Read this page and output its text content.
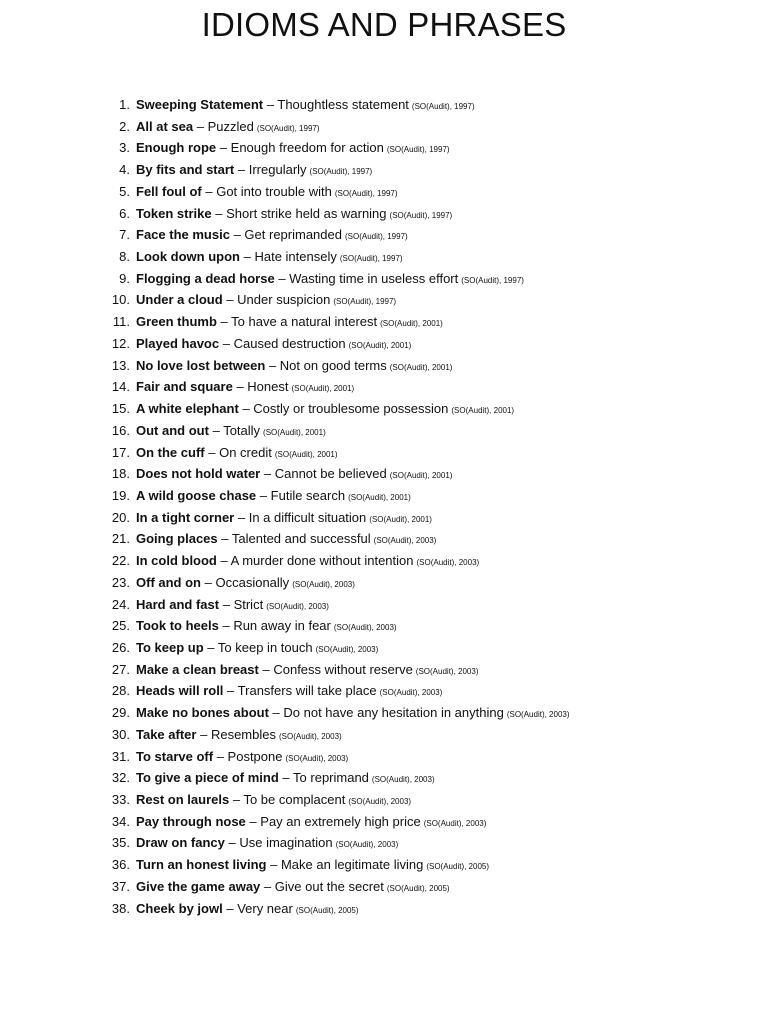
IDIOMS AND PHRASES
1. Sweeping Statement – Thoughtless statement (SO(Audit), 1997)
2. All at sea – Puzzled (SO(Audit), 1997)
3. Enough rope – Enough freedom for action (SO(Audit), 1997)
4. By fits and start – Irregularly (SO(Audit), 1997)
5. Fell foul of – Got into trouble with (SO(Audit), 1997)
6. Token strike – Short strike held as warning (SO(Audit), 1997)
7. Face the music – Get reprimanded (SO(Audit), 1997)
8. Look down upon – Hate intensely (SO(Audit), 1997)
9. Flogging a dead horse – Wasting time in useless effort (SO(Audit), 1997)
10. Under a cloud – Under suspicion (SO(Audit), 1997)
11. Green thumb – To have a natural interest (SO(Audit), 2001)
12. Played havoc – Caused destruction (SO(Audit), 2001)
13. No love lost between – Not on good terms (SO(Audit), 2001)
14. Fair and square – Honest (SO(Audit), 2001)
15. A white elephant – Costly or troublesome possession (SO(Audit), 2001)
16. Out and out – Totally (SO(Audit), 2001)
17. On the cuff – On credit (SO(Audit), 2001)
18. Does not hold water – Cannot be believed (SO(Audit), 2001)
19. A wild goose chase – Futile search (SO(Audit), 2001)
20. In a tight corner – In a difficult situation (SO(Audit), 2001)
21. Going places – Talented and successful (SO(Audit), 2003)
22. In cold blood – A murder done without intention (SO(Audit), 2003)
23. Off and on – Occasionally (SO(Audit), 2003)
24. Hard and fast – Strict (SO(Audit), 2003)
25. Took to heels – Run away in fear (SO(Audit), 2003)
26. To keep up – To keep in touch (SO(Audit), 2003)
27. Make a clean breast – Confess without reserve (SO(Audit), 2003)
28. Heads will roll – Transfers will take place (SO(Audit), 2003)
29. Make no bones about – Do not have any hesitation in anything (SO(Audit), 2003)
30. Take after – Resembles (SO(Audit), 2003)
31. To starve off – Postpone (SO(Audit), 2003)
32. To give a piece of mind – To reprimand (SO(Audit), 2003)
33. Rest on laurels – To be complacent (SO(Audit), 2003)
34. Pay through nose – Pay an extremely high price (SO(Audit), 2003)
35. Draw on fancy – Use imagination (SO(Audit), 2003)
36. Turn an honest living – Make an legitimate living (SO(Audit), 2005)
37. Give the game away – Give out the secret (SO(Audit), 2005)
38. Cheek by jowl – Very near (SO(Audit), 2005)
